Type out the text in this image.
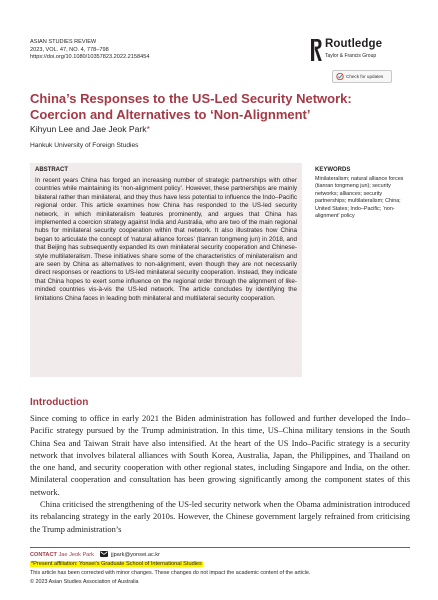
ASIAN STUDIES REVIEW
2023, VOL. 47, NO. 4, 778–798
https://doi.org/10.1080/10357823.2022.2158454
Routledge
Taylor & Francis Group
Check for updates
China’s Responses to the US-Led Security Network: Coercion and Alternatives to ‘Non-Alignment’
Kihyun Lee and Jae Jeok Park*
Hankuk University of Foreign Studies
ABSTRACT

In recent years China has forged an increasing number of strategic partnerships with other countries while maintaining its ‘non-alignment policy’. However, these partnerships are mainly bilateral rather than minilateral, and they thus have less potential to influence the Indo–Pacific regional order. This article examines how China has responded to the US-led security network, in which minilateralism features prominently, and argues that China has implemented a coercion strategy against India and Australia, who are two of the main regional hubs for minilateral security cooperation within that network. It also illustrates how China began to articulate the concept of ‘natural alliance forces’ (tianran tongmeng jun) in 2018, and that Beijing has subsequently expanded its own minilateral security cooperation and Chinese-style multilateralism. These initiatives share some of the characteristics of minilateralism and are seen by China as alternatives to non-alignment, even though they are not necessarily direct responses or reactions to US-led minilateral security cooperation. Instead, they indicate that China hopes to exert some influence on the regional order through the alignment of like-minded countries vis-à-vis the US-led network. The article concludes by identifying the limitations China faces in leading both minilateral and multilateral security cooperation.

KEYWORDS
Minilateralism; natural alliance forces (tianran tongmeng jun); security networks; alliances; security partnerships; multilateralism; China; United States; Indo–Pacific; ‘non-alignment’ policy
Introduction

Since coming to office in early 2021 the Biden administration has followed and further developed the Indo–Pacific strategy pursued by the Trump administration. In this time, US–China military tensions in the South China Sea and Taiwan Strait have also intensified. At the heart of the US Indo–Pacific strategy is a security network that involves bilateral alliances with South Korea, Australia, Japan, the Philippines, and Thailand on the one hand, and security cooperation with other regional states, including Singapore and India, on the other. Minilateral cooperation and consultation has been growing significantly among the component states of this network.

China criticised the strengthening of the US-led security network when the Obama administration introduced its rebalancing strategy in the early 2010s. However, the Chinese government largely refrained from criticising the Trump administration’s

CONTACT Jae Jeok Park	jjpark@yonsei.ac.kr
*Present affiliation: Yonsei’s Graduate School of International Studies
This article has been corrected with minor changes. These changes do not impact the academic content of the article.
© 2023 Asian Studies Association of Australia
